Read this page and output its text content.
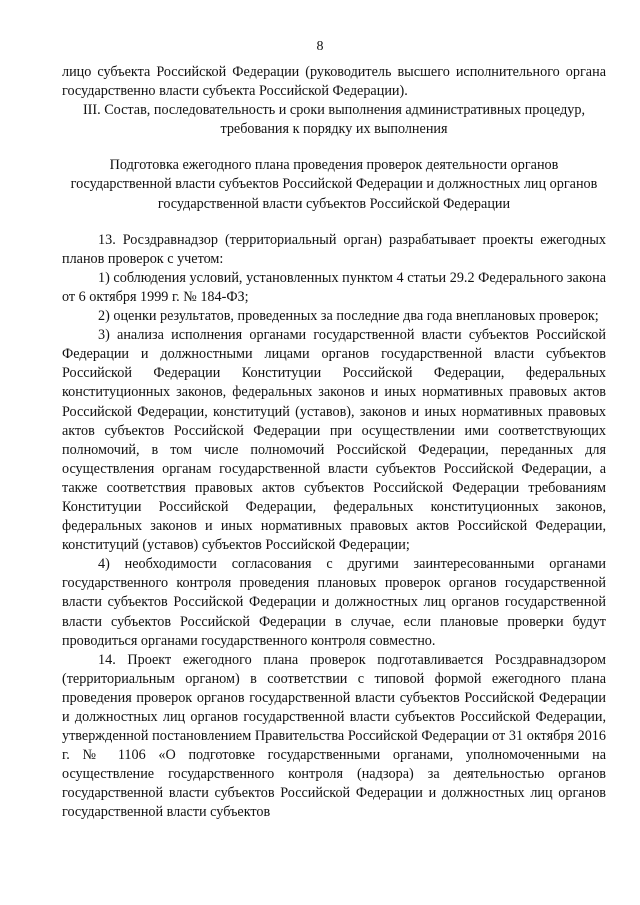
8

лицо субъекта Российской Федерации (руководитель высшего исполнительного органа государственно власти субъекта Российской Федерации).

III. Состав, последовательность и сроки выполнения административных процедур, требования к порядку их выполнения

Подготовка ежегодного плана проведения проверок деятельности органов государственной власти субъектов Российской Федерации и должностных лиц органов государственной власти субъектов Российской Федерации

13. Росздравнадзор (территориальный орган) разрабатывает проекты ежегодных планов проверок с учетом:

1) соблюдения условий, установленных пунктом 4 статьи 29.2 Федерального закона от 6 октября 1999 г. № 184-ФЗ;

2) оценки результатов, проведенных за последние два года внеплановых проверок;

3) анализа исполнения органами государственной власти субъектов Российской Федерации и должностными лицами органов государственной власти субъектов Российской Федерации Конституции Российской Федерации, федеральных конституционных законов, федеральных законов и иных нормативных правовых актов Российской Федерации, конституций (уставов), законов и иных нормативных правовых актов субъектов Российской Федерации при осуществлении ими соответствующих полномочий, в том числе полномочий Российской Федерации, переданных для осуществления органам государственной власти субъектов Российской Федерации, а также соответствия правовых актов субъектов Российской Федерации требованиям Конституции Российской Федерации, федеральных конституционных законов, федеральных законов и иных нормативных правовых актов Российской Федерации, конституций (уставов) субъектов Российской Федерации;

4) необходимости согласования с другими заинтересованными органами государственного контроля проведения плановых проверок органов государственной власти субъектов Российской Федерации и должностных лиц органов государственной власти субъектов Российской Федерации в случае, если плановые проверки будут проводиться органами государственного контроля совместно.

14. Проект ежегодного плана проверок подготавливается Росздравнадзором (территориальным органом) в соответствии с типовой формой ежегодного плана проведения проверок органов государственной власти субъектов Российской Федерации и должностных лиц органов государственной власти субъектов Российской Федерации, утвержденной постановлением Правительства Российской Федерации от 31 октября 2016 г. № 1106 «О подготовке государственными органами, уполномоченными на осуществление государственного контроля (надзора) за деятельностью органов государственной власти субъектов Российской Федерации и должностных лиц органов государственной власти субъектов
